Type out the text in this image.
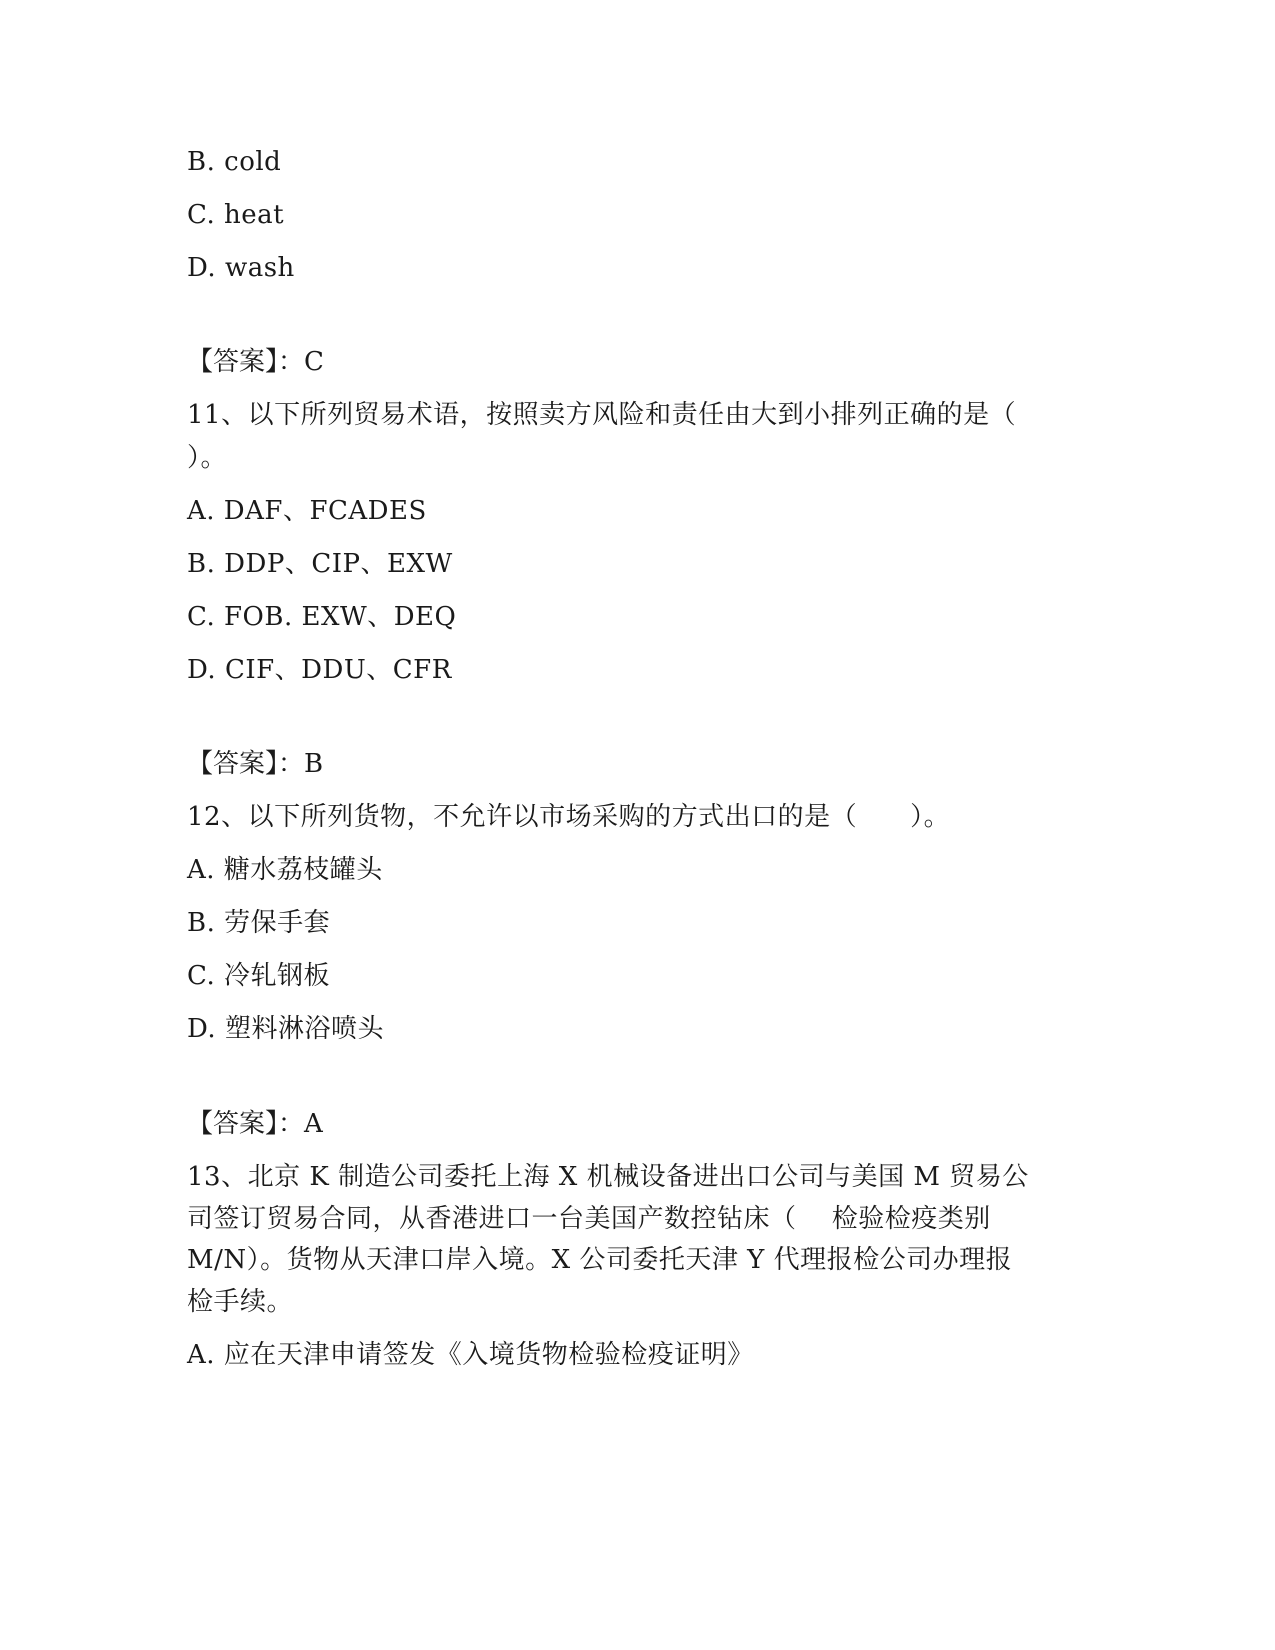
B. cold
C. heat
D. wash
【答案】：C
11、以下所列贸易术语，按照卖方风险和责任由大到小排列正确的是（
）。
A. DAF、FCADES
B. DDP、CIP、EXW
C. FOB. EXW、DEQ
D. CIF、DDU、CFR
【答案】：B
12、以下所列货物，不允许以市场采购的方式出口的是（　　）。
A. 糖水荔枝罐头
B. 劳保手套
C. 冷轧钢板
D. 塑料淋浴喷头
【答案】：A
13、北京 K 制造公司委托上海 X 机械设备进出口公司与美国 M 贸易公
司签订贸易合同，从香港进口一台美国产数控钻床（　 检验检疫类别
M/N）。货物从天津口岸入境。X 公司委托天津 Y 代理报检公司办理报
检手续。
A. 应在天津申请签发《入境货物检验检疫证明》
